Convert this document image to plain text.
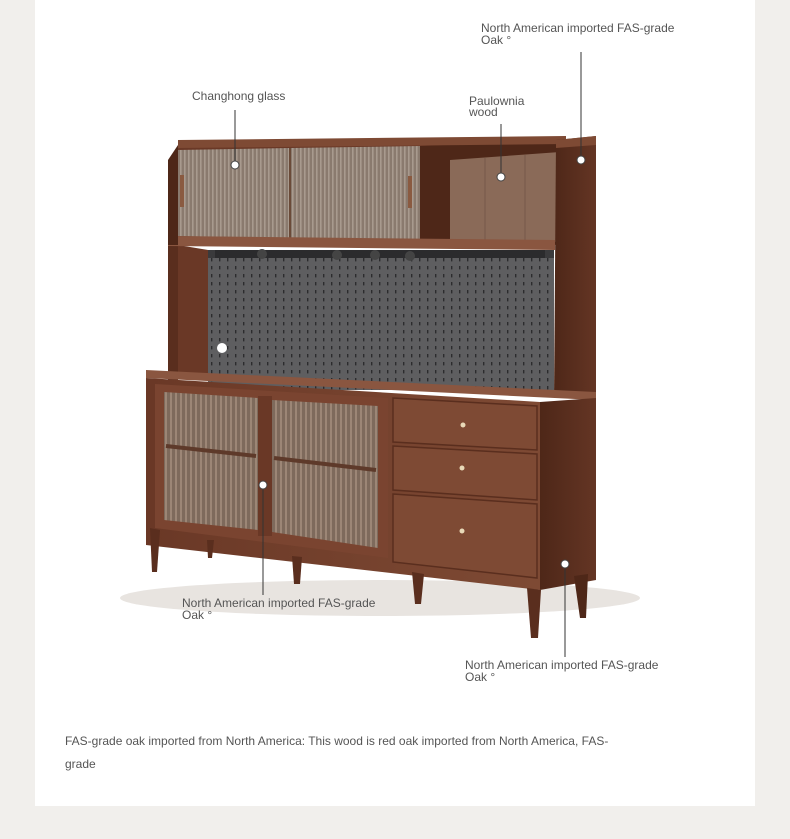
North American imported FAS-grade
Oak °
Changhong glass	Paulownia
wood
North American imported FAS-grade
Oak °
North American imported FAS-grade
Oak °
FAS-grade oak imported from North America: This wood is red oak imported from North America, FAS-
grade
